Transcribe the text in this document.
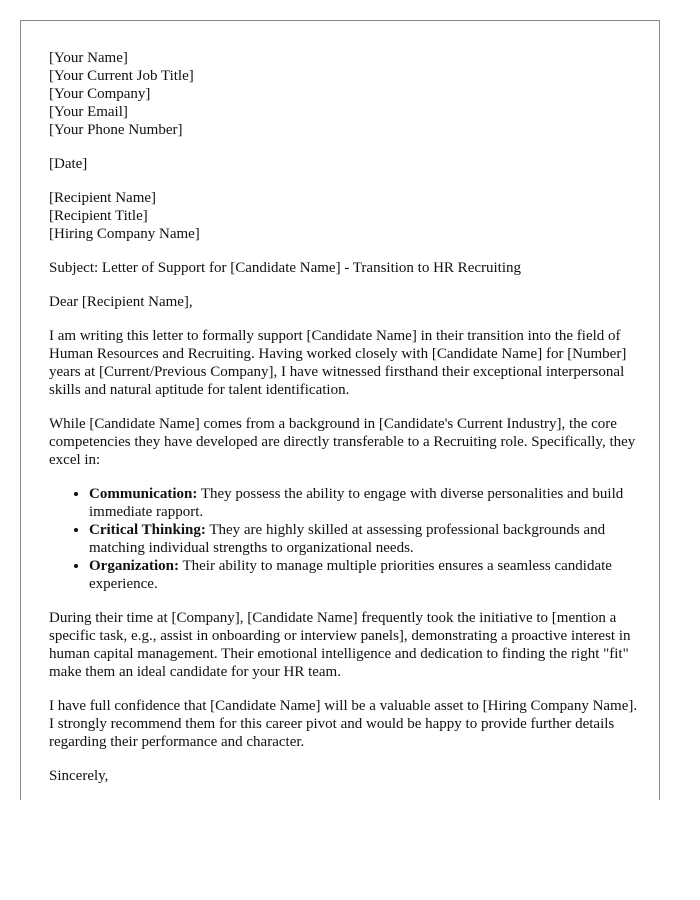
[Your Name]
[Your Current Job Title]
[Your Company]
[Your Email]
[Your Phone Number]

[Date]

[Recipient Name]
[Recipient Title]
[Hiring Company Name]

Subject: Letter of Support for [Candidate Name] - Transition to HR Recruiting

Dear [Recipient Name],

I am writing this letter to formally support [Candidate Name] in their transition into the field of Human Resources and Recruiting. Having worked closely with [Candidate Name] for [Number] years at [Current/Previous Company], I have witnessed firsthand their exceptional interpersonal skills and natural aptitude for talent identification.

While [Candidate Name] comes from a background in [Candidate's Current Industry], the core competencies they have developed are directly transferable to a Recruiting role. Specifically, they excel in:

• Communication: They possess the ability to engage with diverse personalities and build immediate rapport.
• Critical Thinking: They are highly skilled at assessing professional backgrounds and matching individual strengths to organizational needs.
• Organization: Their ability to manage multiple priorities ensures a seamless candidate experience.

During their time at [Company], [Candidate Name] frequently took the initiative to [mention a specific task, e.g., assist in onboarding or interview panels], demonstrating a proactive interest in human capital management. Their emotional intelligence and dedication to finding the right "fit" make them an ideal candidate for your HR team.

I have full confidence that [Candidate Name] will be a valuable asset to [Hiring Company Name]. I strongly recommend them for this career pivot and would be happy to provide further details regarding their performance and character.

Sincerely,
